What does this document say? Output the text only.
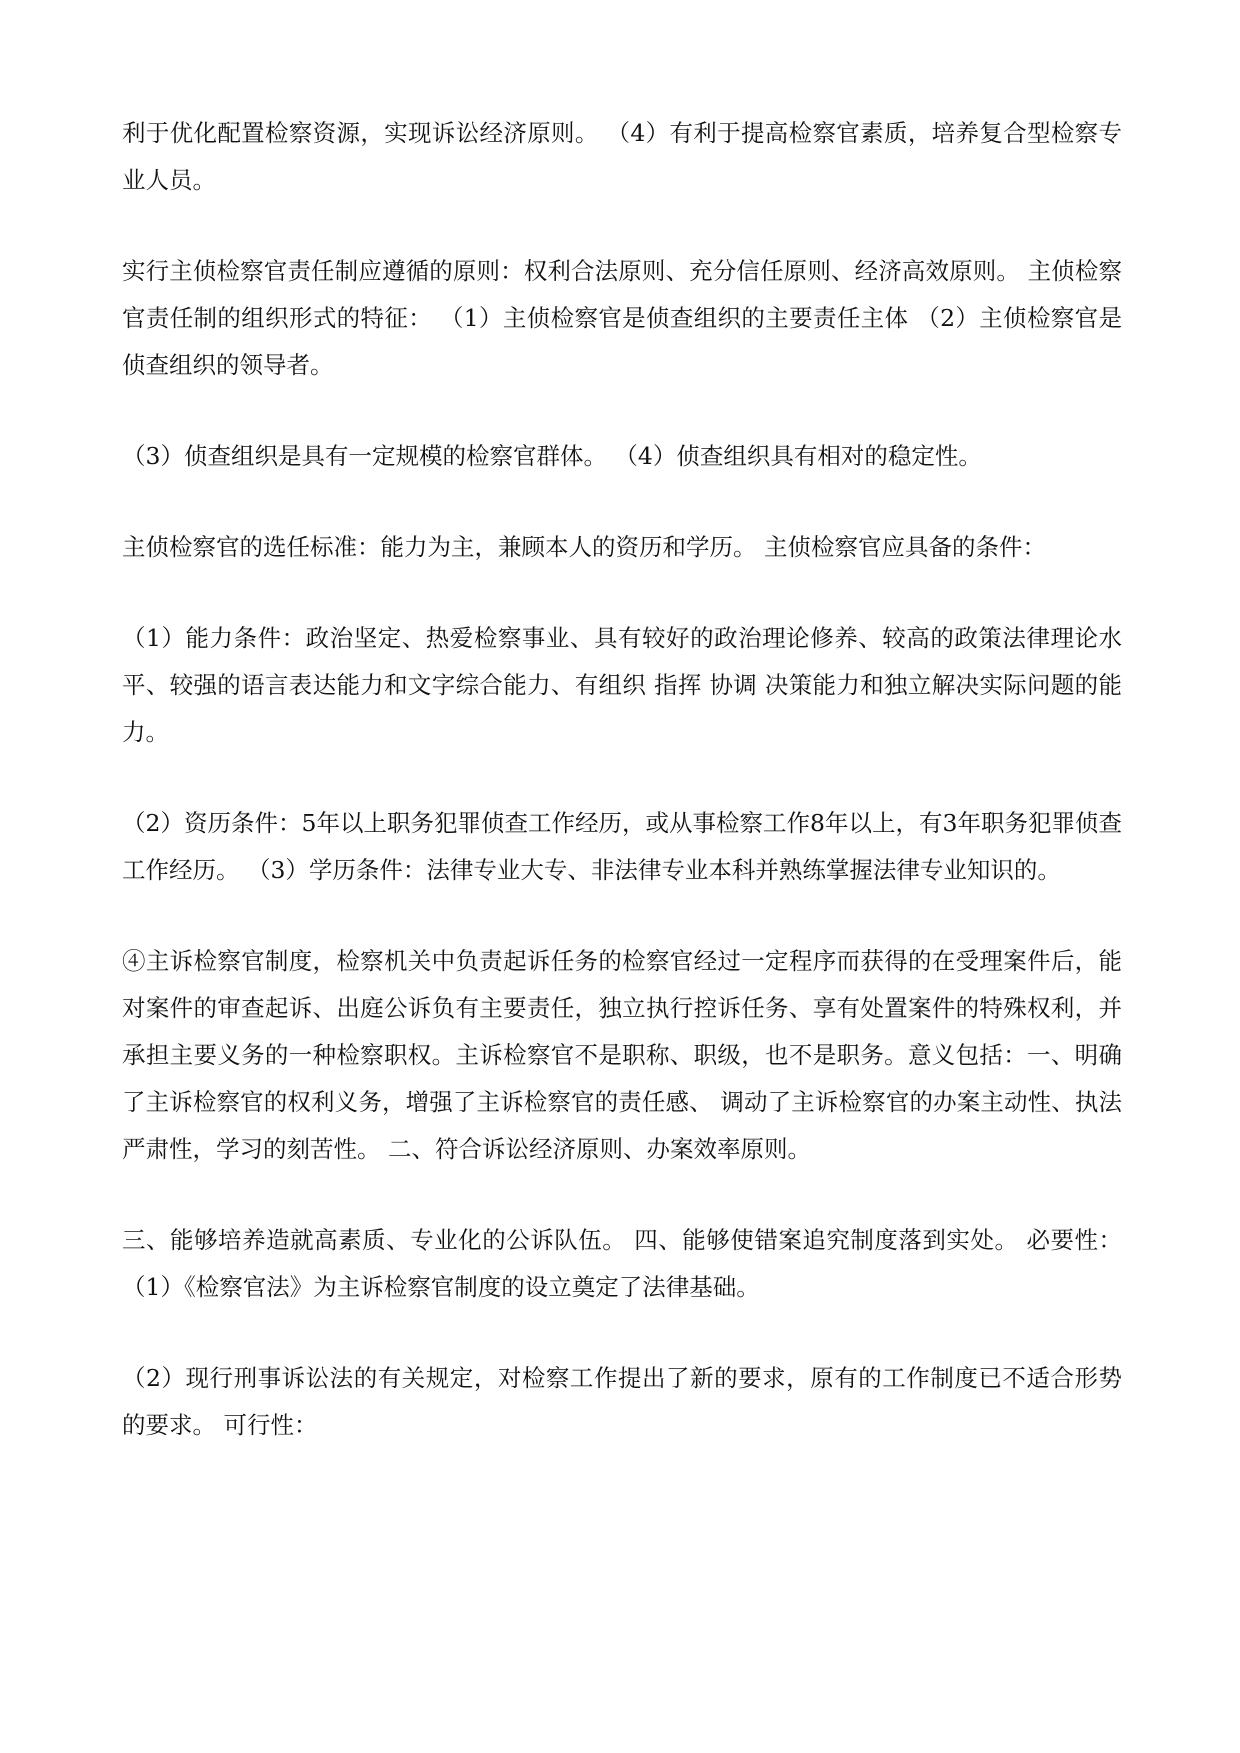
利于优化配置检察资源，实现诉讼经济原则。 （4）有利于提高检察官素质，培养复合型检察专业人员。

实行主侦检察官责任制应遵循的原则：权利合法原则、充分信任原则、经济高效原则。 主侦检察官责任制的组织形式的特征： （1）主侦检察官是侦查组织的主要责任主体 （2）主侦检察官是侦查组织的领导者。

（3）侦查组织是具有一定规模的检察官群体。 （4）侦查组织具有相对的稳定性。

主侦检察官的选任标准：能力为主，兼顾本人的资历和学历。 主侦检察官应具备的条件：

（1）能力条件：政治坚定、热爱检察事业、具有较好的政治理论修养、较高的政策法律理论水平、较强的语言表达能力和文字综合能力、有组织 指挥 协调 决策能力和独立解决实际问题的能力。

（2）资历条件：5年以上职务犯罪侦查工作经历，或从事检察工作8年以上，有3年职务犯罪侦查工作经历。 （3）学历条件：法律专业大专、非法律专业本科并熟练掌握法律专业知识的。

④主诉检察官制度，检察机关中负责起诉任务的检察官经过一定程序而获得的在受理案件后，能对案件的审查起诉、出庭公诉负有主要责任，独立执行控诉任务、享有处置案件的特殊权利，并承担主要义务的一种检察职权。主诉检察官不是职称、职级，也不是职务。意义包括：一、明确了主诉检察官的权利义务，增强了主诉检察官的责任感、 调动了主诉检察官的办案主动性、执法严肃性，学习的刻苦性。 二、符合诉讼经济原则、办案效率原则。

三、能够培养造就高素质、专业化的公诉队伍。 四、能够使错案追究制度落到实处。 必要性： （1）《检察官法》为主诉检察官制度的设立奠定了法律基础。

（2）现行刑事诉讼法的有关规定，对检察工作提出了新的要求，原有的工作制度已不适合形势的要求。 可行性：
